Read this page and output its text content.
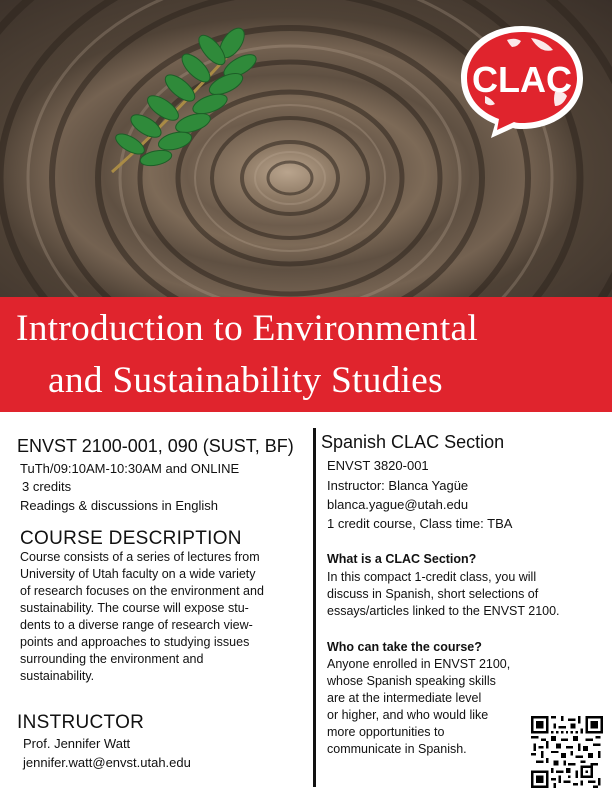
CLAC
Introduction to Environmental
and Sustainability Studies
ENVST 2100-001, 090 (SUST, BF)
TuTh/09:10AM-10:30AM and ONLINE
3 credits
Readings & discussions in English
COURSE DESCRIPTION
Course consists of a series of lectures from
University of Utah faculty on a wide variety
of research focuses on the environment and
sustainability. The course will expose stu-
dents to a diverse range of research view-
points and approaches to studying issues
surrounding the environment and
sustainability.
INSTRUCTOR
Prof. Jennifer Watt
jennifer.watt@envst.utah.edu
Spanish CLAC Section
ENVST 3820-001
Instructor: Blanca Yagüe
blanca.yague@utah.edu
1 credit course, Class time: TBA
What is a CLAC Section?
In this compact 1-credit class, you will
discuss in Spanish, short selections of
essays/articles linked to the ENVST 2100.
Who can take the course?
Anyone enrolled in ENVST 2100,
whose Spanish speaking skills
are at the intermediate level
or higher, and who would like
more opportunities to
communicate in Spanish.
